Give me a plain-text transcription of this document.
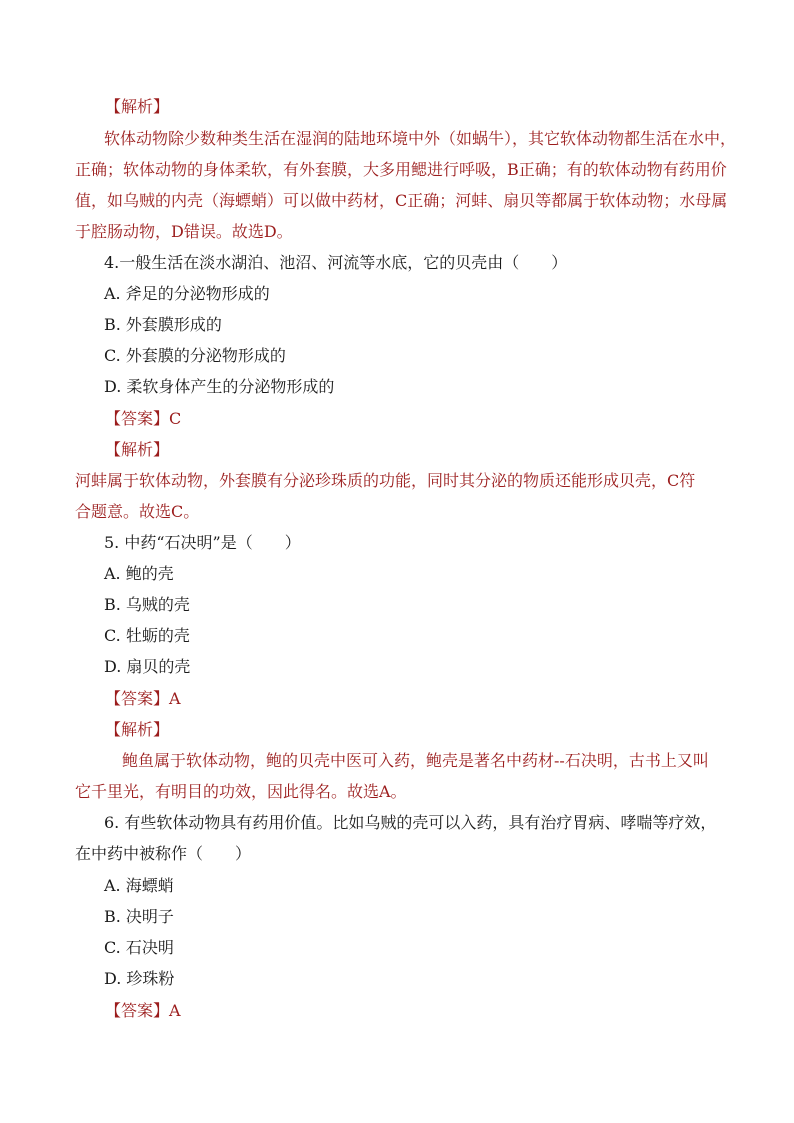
【解析】
软体动物除少数种类生活在湿润的陆地环境中外（如蜗牛），其它软体动物都生活在水中，
正确；软体动物的身体柔软，有外套膜，大多用鳃进行呼吸，B正确；有的软体动物有药用价
值，如乌贼的内壳（海螵蛸）可以做中药材，C正确；河蚌、扇贝等都属于软体动物；水母属
于腔肠动物，D错误。故选D。
4.一般生活在淡水湖泊、池沼、河流等水底，它的贝壳由（　　）
A. 斧足的分泌物形成的
B. 外套膜形成的
C. 外套膜的分泌物形成的
D. 柔软身体产生的分泌物形成的
【答案】C
【解析】
河蚌属于软体动物，外套膜有分泌珍珠质的功能，同时其分泌的物质还能形成贝壳，C符
合题意。故选C。
5. 中药“石决明”是（　　）
A. 鲍的壳
B. 乌贼的壳
C. 牡蛎的壳
D. 扇贝的壳
【答案】A
【解析】
鲍鱼属于软体动物，鲍的贝壳中医可入药，鲍壳是著名中药材--石决明，古书上又叫
它千里光，有明目的功效，因此得名。故选A。
6. 有些软体动物具有药用价值。比如乌贼的壳可以入药，具有治疗胃病、哮喘等疗效，
在中药中被称作（　　）
A. 海螵蛸
B. 决明子
C. 石决明
D. 珍珠粉
【答案】A
